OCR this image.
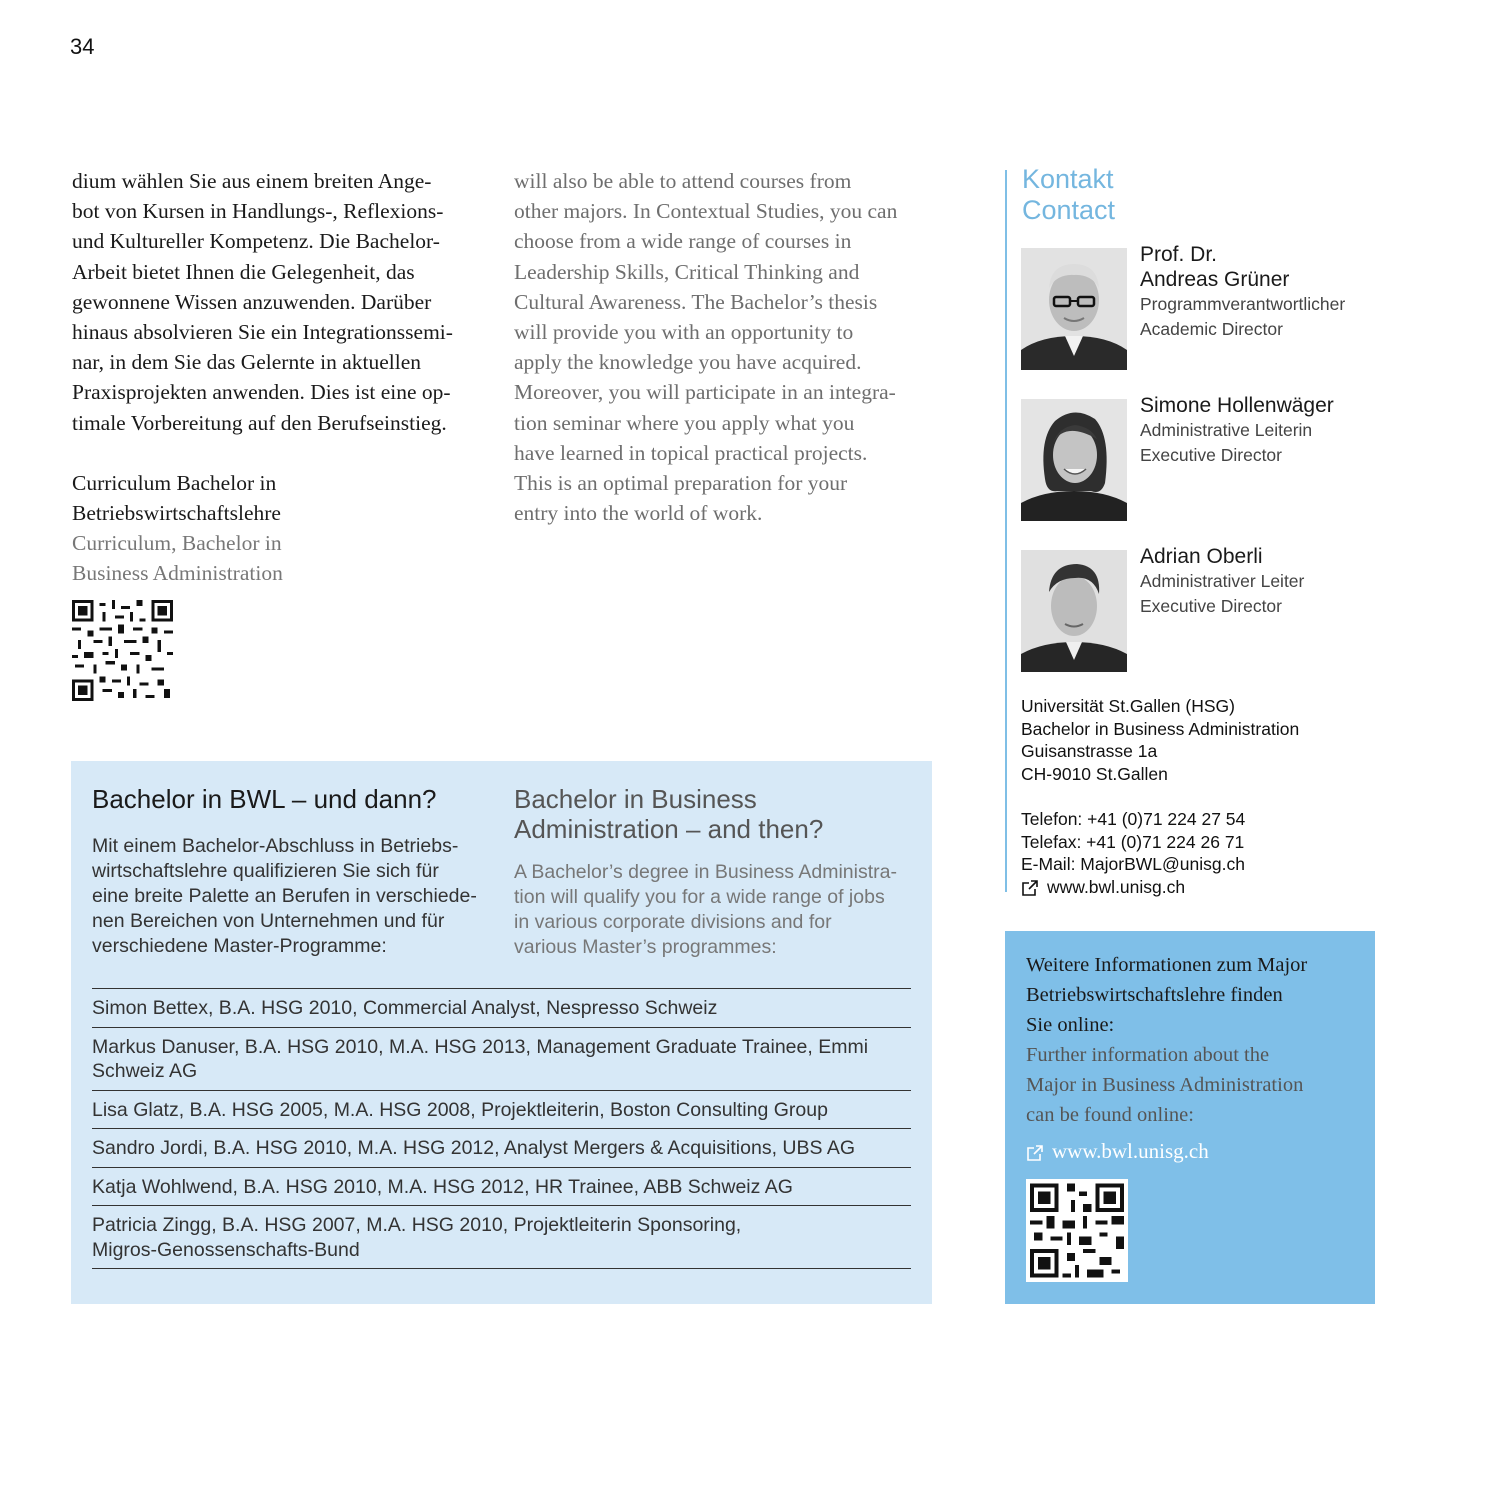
34

dium wählen Sie aus einem breiten Ange-

bot von Kursen in Handlungs-, Reflexions-

und Kultureller Kompetenz. Die Bachelor-

Arbeit bietet Ihnen die Gelegenheit, das

gewonnene Wissen anzuwenden. Darüber

hinaus absolvieren Sie ein Integrationssemi-

nar, in dem Sie das Gelernte in aktuellen

Praxisprojekten anwenden. Dies ist eine op-

timale Vorbereitung auf den Berufseinstieg.

Curriculum Bachelor in

Betriebswirtschaftslehre

Curriculum, Bachelor in

Business Administration

will also be able to attend courses from

other majors. In Contextual Studies, you can

choose from a wide range of courses in

Leadership Skills, Critical Thinking and

Cultural Awareness. The Bachelor’s thesis

will provide you with an opportunity to

apply the knowledge you have acquired.

Moreover, you will participate in an integra-

tion seminar where you apply what you

have learned in topical practical projects.

This is an optimal preparation for your

entry into the world of work.

Kontakt
Contact
Prof. Dr.
Andreas Grüner
Programmverantwortlicher
Academic Director
Simone Hollenwäger
Administrative Leiterin
Executive Director
Adrian Oberli
Administrativer Leiter
Executive Director
Universität St.Gallen (HSG)
Bachelor in Business Administration
Guisanstrasse 1a
CH-9010 St.Gallen
Telefon: +41 (0)71 224 27 54
Telefax: +41 (0)71 224 26 71
E-Mail: MajorBWL@unisg.ch
www.bwl.unisg.ch
Weitere Informationen zum Major
Betriebswirtschaftslehre finden
Sie online:
Further information about the
Major in Business Administration
can be found online:
www.bwl.unisg.ch
Bachelor in BWL – und dann?	Bachelor in Business
Administration – and then?
Mit einem Bachelor-Abschluss in Betriebs-
wirtschaftslehre qualifizieren Sie sich für
eine breite Palette an Berufen in verschiede-
nen Bereichen von Unternehmen und für
verschiedene Master-Programme:
A Bachelor’s degree in Business Administra-
tion will qualify you for a wide range of jobs
in various corporate divisions and for
various Master’s programmes:
Simon Bettex, B.A. HSG 2010, Commercial Analyst, Nespresso Schweiz
Markus Danuser, B.A. HSG 2010, M.A. HSG 2013, Management Graduate Trainee, Emmi
Schweiz AG
Lisa Glatz, B.A. HSG 2005, M.A. HSG 2008, Projektleiterin, Boston Consulting Group
Sandro Jordi, B.A. HSG 2010, M.A. HSG 2012, Analyst Mergers & Acquisitions, UBS AG
Katja Wohlwend, B.A. HSG 2010, M.A. HSG 2012, HR Trainee, ABB Schweiz AG
Patricia Zingg, B.A. HSG 2007, M.A. HSG 2010, Projektleiterin Sponsoring,
Migros-Genossenschafts-Bund
